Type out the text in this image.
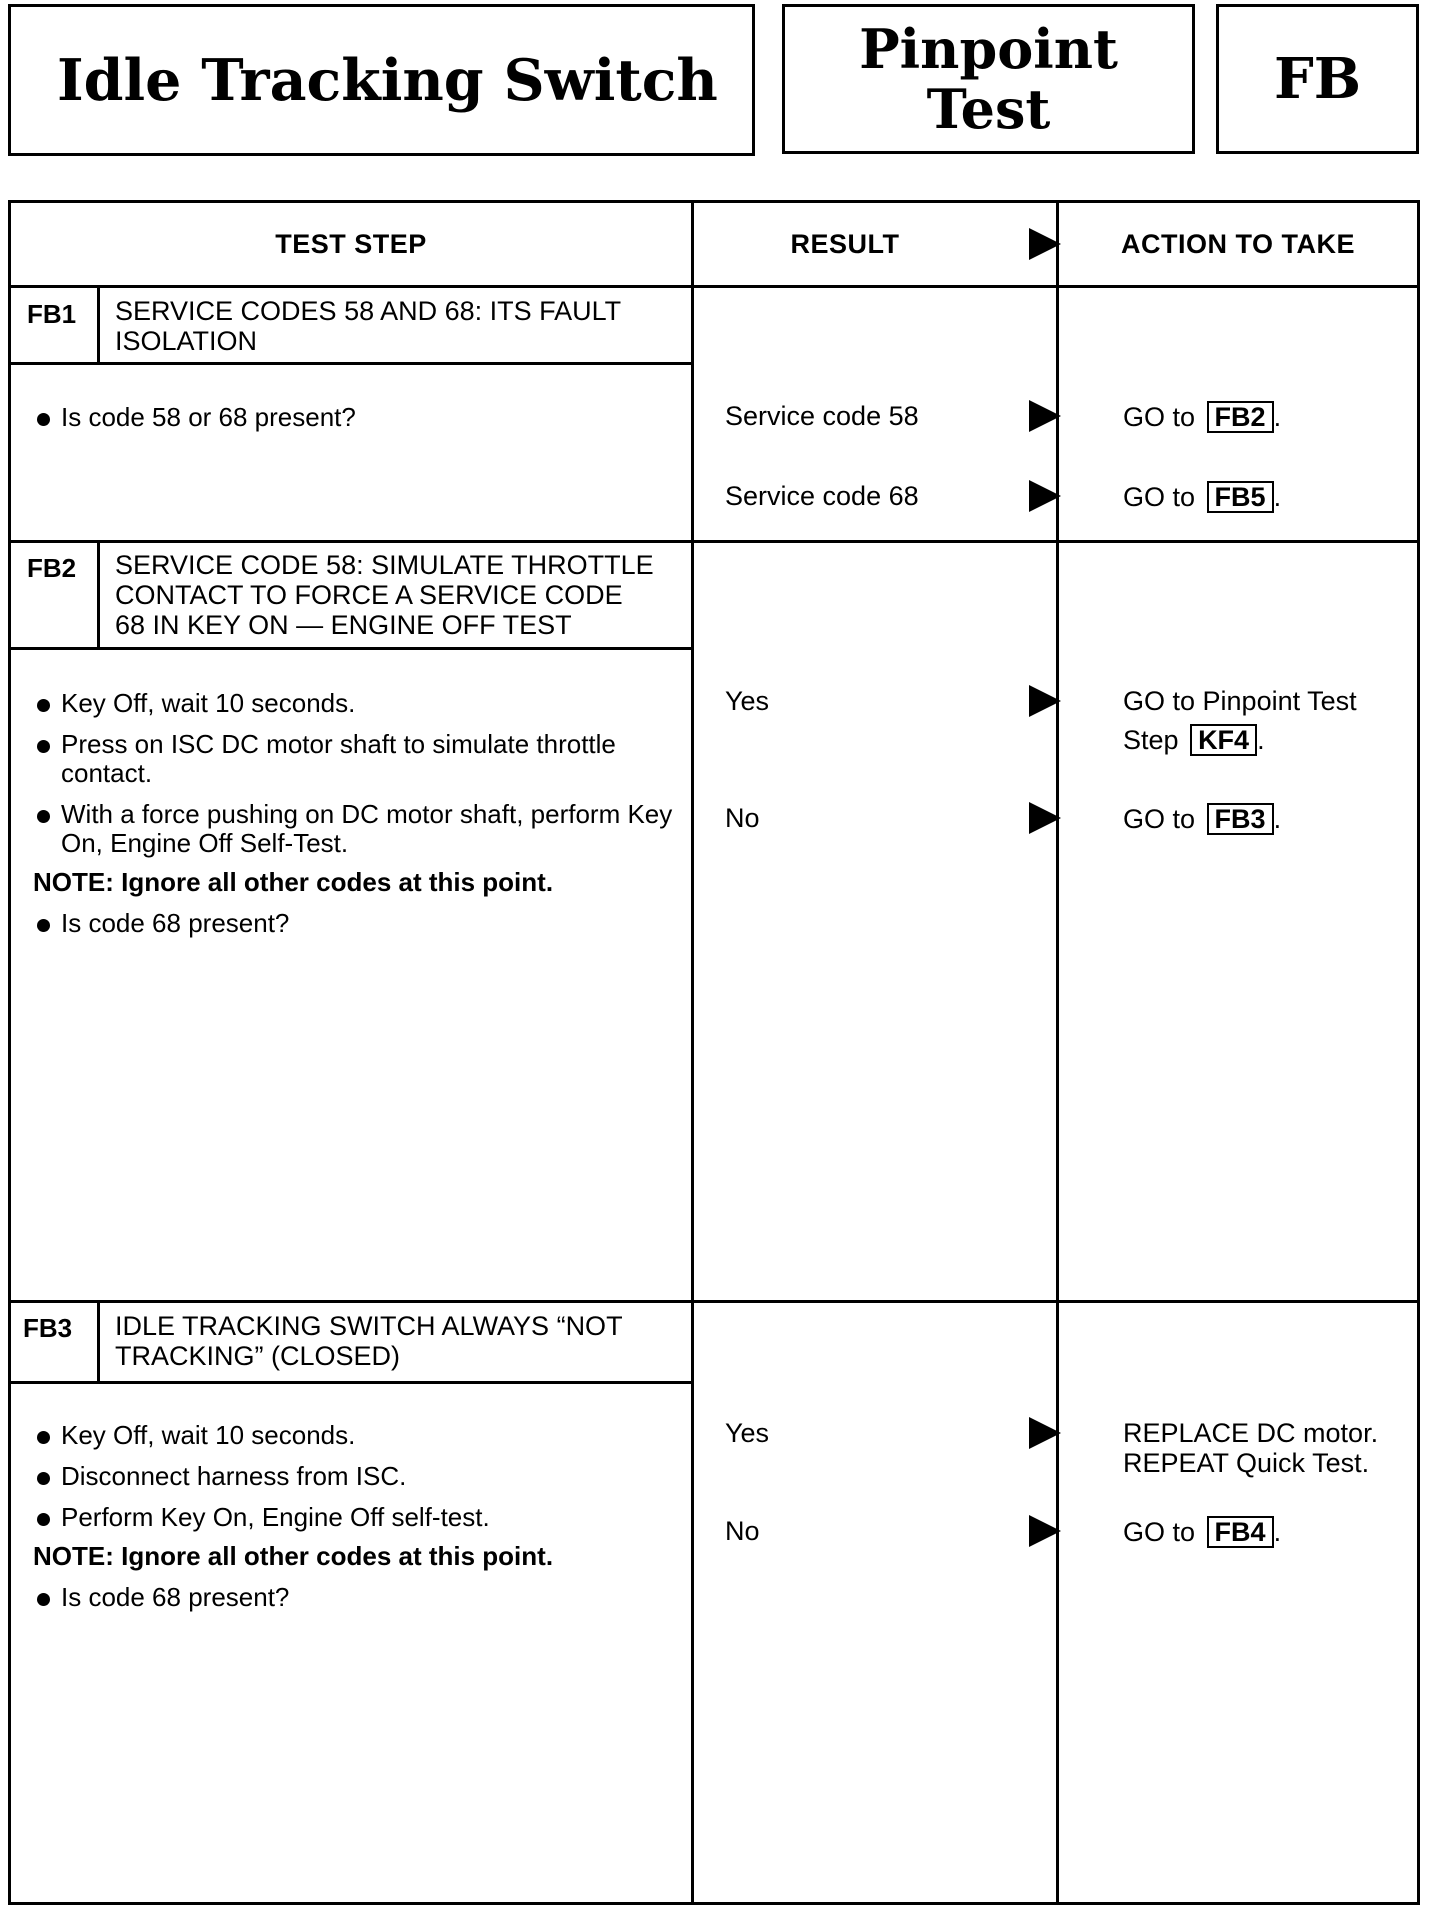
Idle Tracking Switch	Pinpoint
Test	FB
TEST STEP	RESULT	ACTION TO TAKE
FB1 SERVICE CODES 58 AND 68: ITS FAULT
ISOLATION
Is code 58 or 68 present?	Service code 58	GO to FB2 .
Service code 68	GO to FB5 .
FB2 SERVICE CODE 58: SIMULATE THROTTLE
CONTACT TO FORCE A SERVICE CODE
68 IN KEY ON — ENGINE OFF TEST
Key Off, wait 10 seconds.
Press on ISC DC motor shaft to simulate throttle contact.
With a force pushing on DC motor shaft, perform Key On, Engine Off Self-Test.
NOTE: Ignore all other codes at this point.
Is code 68 present?
Yes	GO to Pinpoint Test
Step KF4 .
No	GO to FB3 .
FB3 IDLE TRACKING SWITCH ALWAYS “NOT
TRACKING” (CLOSED)
Key Off, wait 10 seconds.
Disconnect harness from ISC.
Perform Key On, Engine Off self-test.
NOTE: Ignore all other codes at this point.
Is code 68 present?
Yes	REPLACE DC motor.
REPEAT Quick Test.
No	GO to FB4 .
